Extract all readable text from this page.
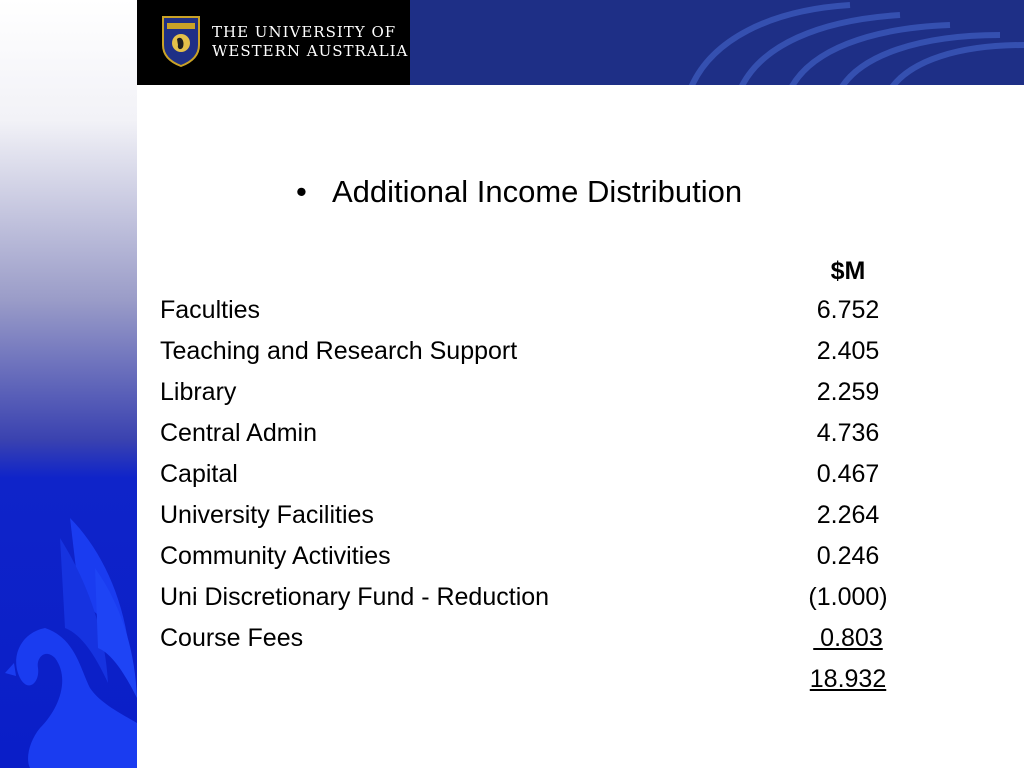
THE UNIVERSITY OF
WESTERN AUSTRALIA
• Additional Income Distribution
$M
Faculties	6.752
Teaching and Research Support	2.405
Library	2.259
Central Admin	4.736
Capital	0.467
University Facilities	2.264
Community Activities	0.246
Uni Discretionary Fund - Reduction	(1.000)
Course Fees	0.803
18.932
